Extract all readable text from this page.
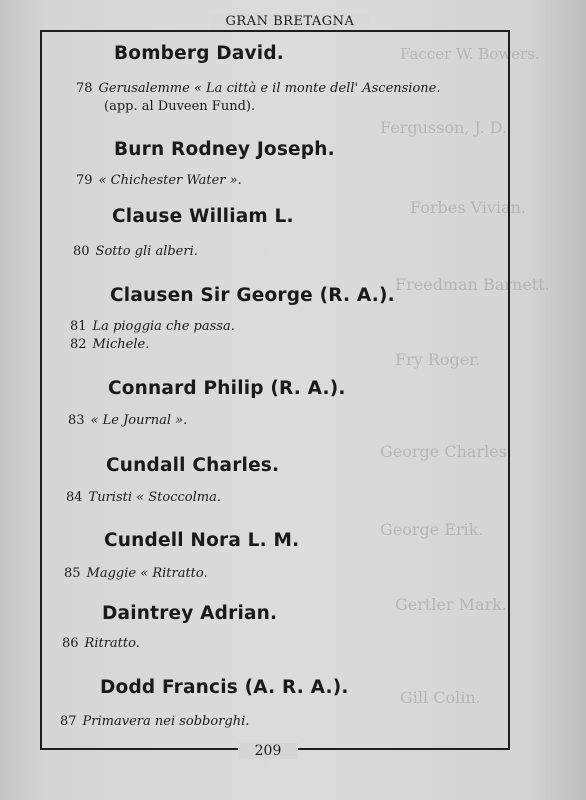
Faccer W. Bowers.
Fergusson, J. D.
Forbes Vivian.
Freedman Barnett.
Fry Roger.
George Charles.
George Erik.
Gertler Mark.
Gill Colin.
GRAN BRETAGNA
Bomberg David.
78 Gerusalemme « La città e il monte dell' Ascensione.
(app. al Duveen Fund).
Burn Rodney Joseph.
79 « Chichester Water ».
Clause William L.
80 Sotto gli alberi.
Clausen Sir George (R. A.).
81 La pioggia che passa.
82 Michele.
Connard Philip (R. A.).
83 « Le Journal ».
Cundall Charles.
84 Turisti « Stoccolma.
Cundell Nora L. M.
85 Maggie « Ritratto.
Daintrey Adrian.
86 Ritratto.
Dodd Francis (A. R. A.).
87 Primavera nei sobborghi.
209
